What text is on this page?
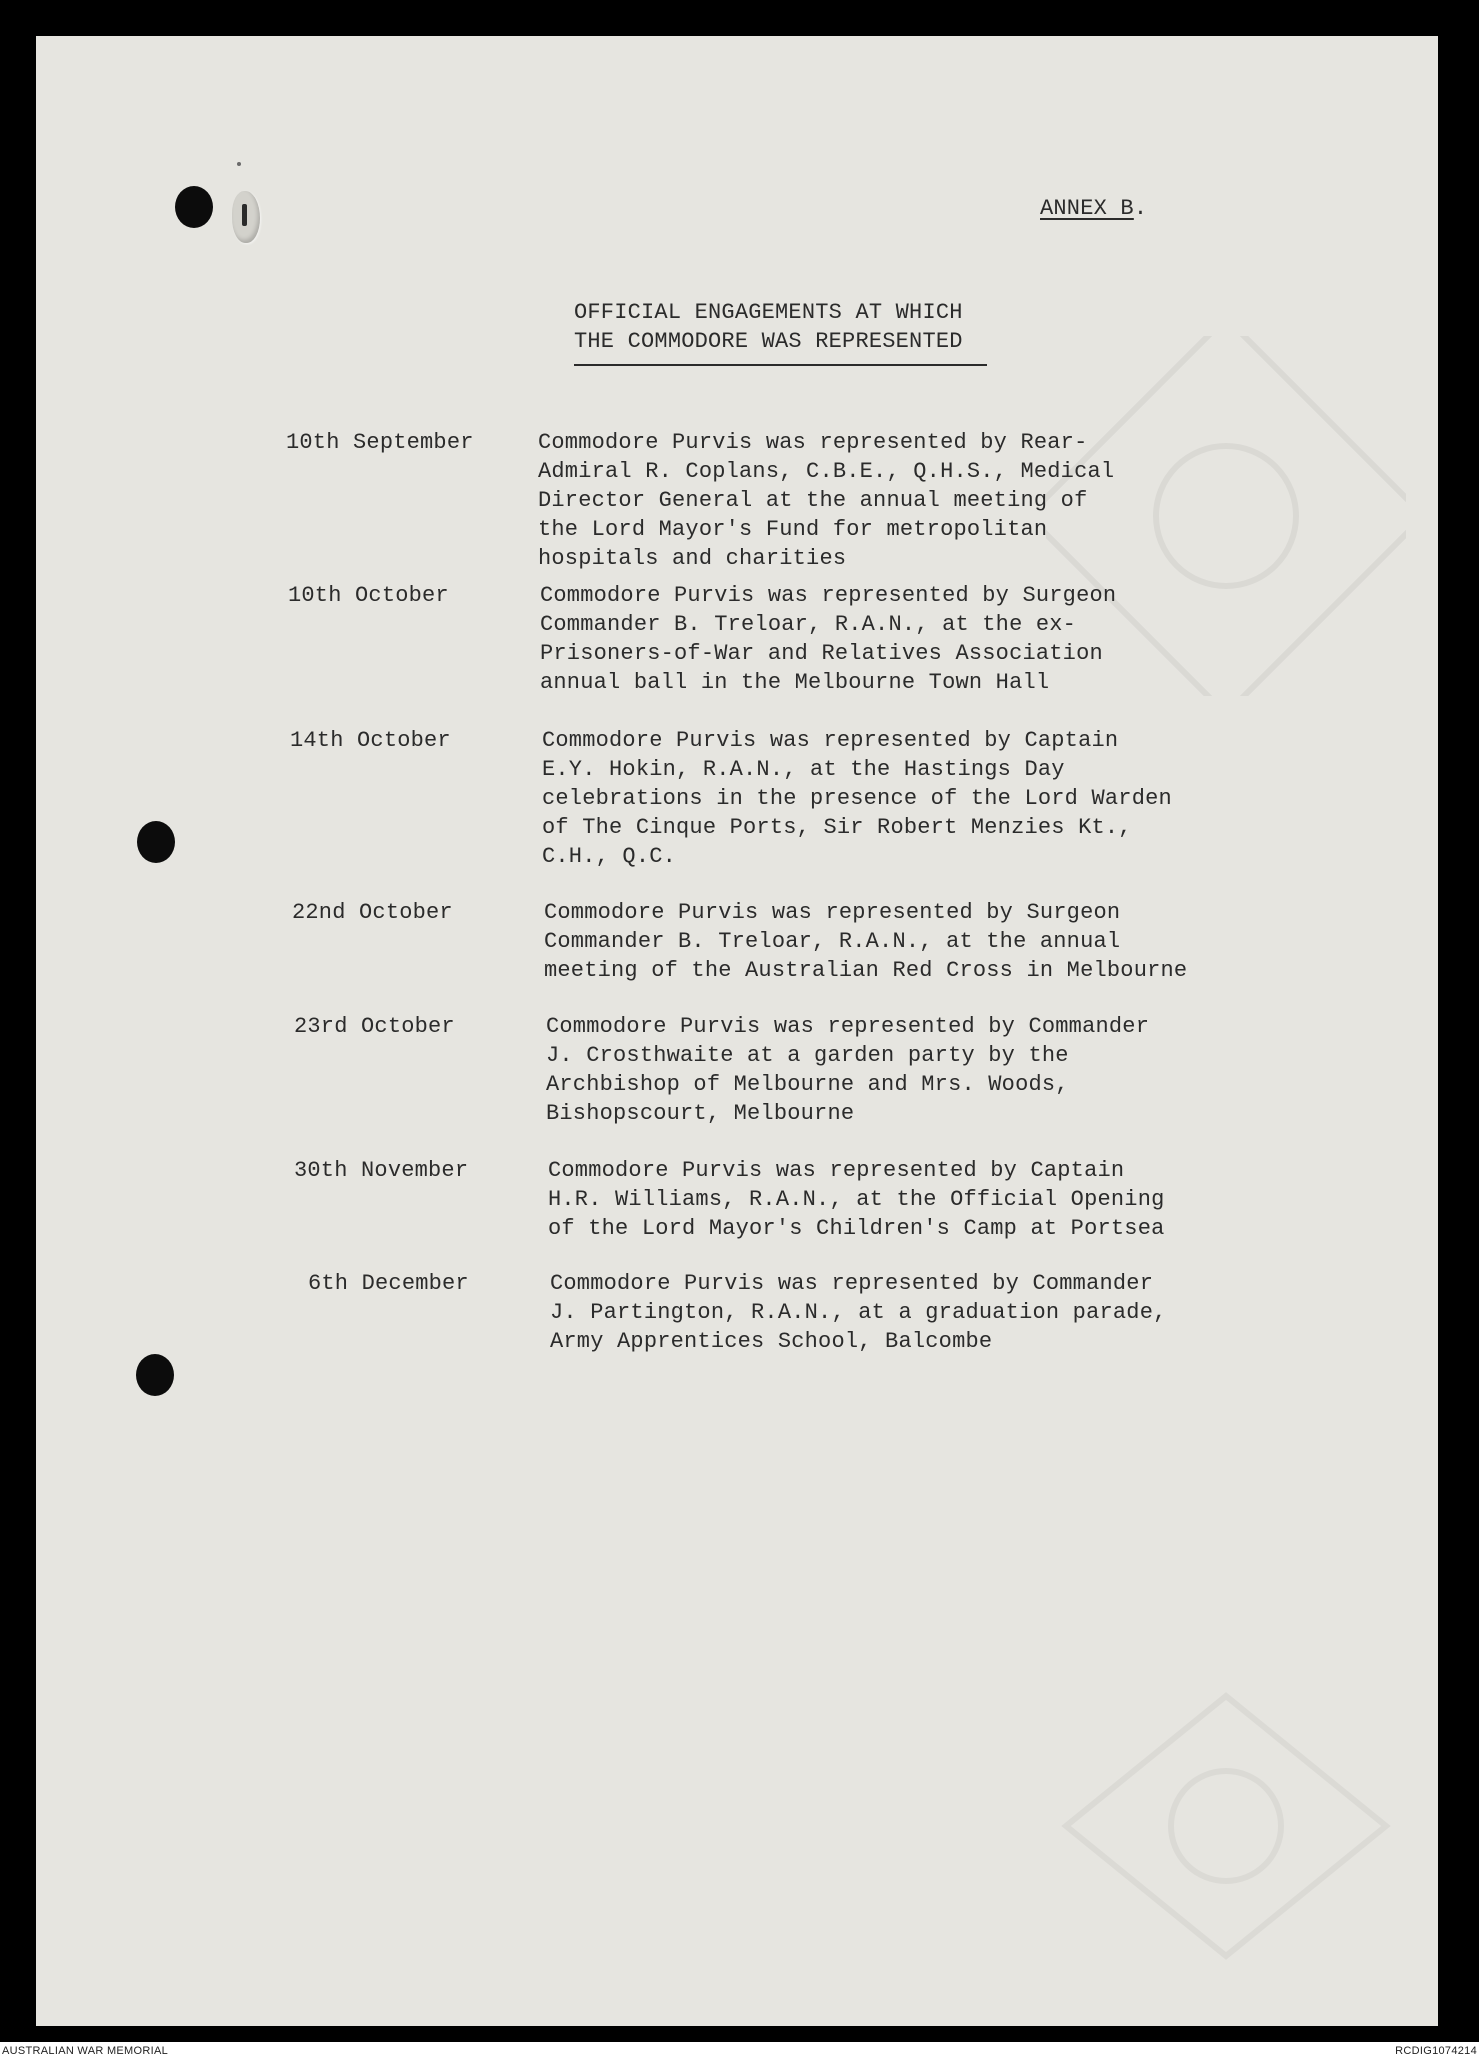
ANNEX B.
OFFICIAL ENGAGEMENTS AT WHICH
THE COMMODORE WAS REPRESENTED
10th September	Commodore Purvis was represented by Rear-
Admiral R. Coplans, C.B.E., Q.H.S., Medical
Director General at the annual meeting of
the Lord Mayor's Fund for metropolitan
hospitals and charities
10th October	Commodore Purvis was represented by Surgeon
Commander B. Treloar, R.A.N., at the ex-
Prisoners-of-War and Relatives Association
annual ball in the Melbourne Town Hall
14th October	Commodore Purvis was represented by Captain
E.Y. Hokin, R.A.N., at the Hastings Day
celebrations in the presence of the Lord Warden
of The Cinque Ports, Sir Robert Menzies Kt.,
C.H., Q.C.
22nd October	Commodore Purvis was represented by Surgeon
Commander B. Treloar, R.A.N., at the annual
meeting of the Australian Red Cross in Melbourne
23rd October	Commodore Purvis was represented by Commander
J. Crosthwaite at a garden party by the
Archbishop of Melbourne and Mrs. Woods,
Bishopscourt, Melbourne
30th November	Commodore Purvis was represented by Captain
H.R. Williams, R.A.N., at the Official Opening
of the Lord Mayor's Children's Camp at Portsea
6th December	Commodore Purvis was represented by Commander
J. Partington, R.A.N., at a graduation parade,
Army Apprentices School, Balcombe
AUSTRALIAN WAR MEMORIAL	RCDIG1074214
